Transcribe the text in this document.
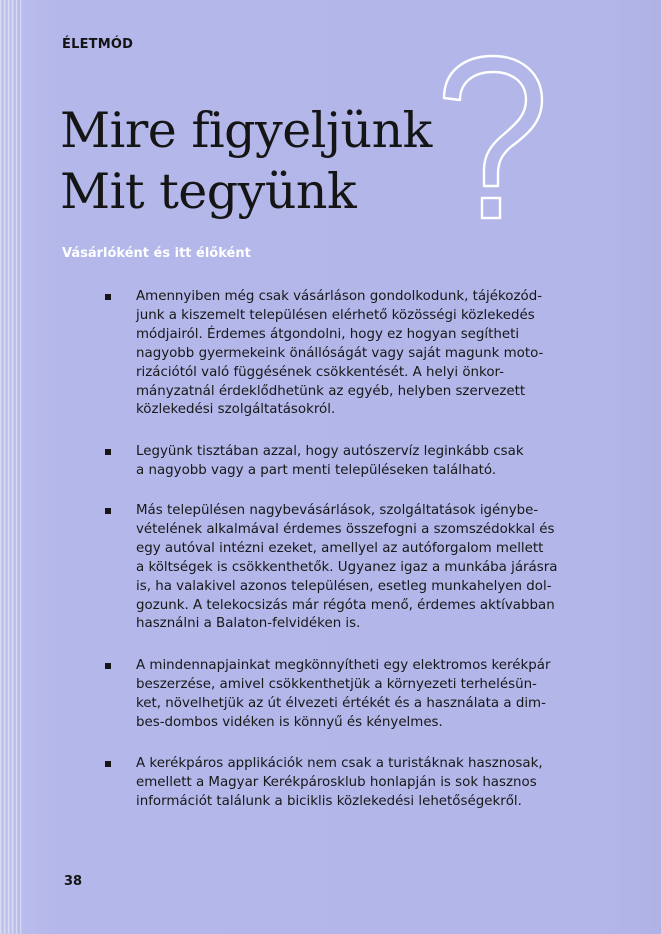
ÉLETMÓD
Mire figyeljünk
Mit tegyünk
Vásárlóként és itt élőként
Amennyiben még csak vásárláson gondolkodunk, tájékozód-
junk a kiszemelt településen elérhető közösségi közlekedés
módjairól. Érdemes átgondolni, hogy ez hogyan segítheti
nagyobb gyermekeink önállóságát vagy saját magunk moto-
rizációtól való függésének csökkentését. A helyi önkor-
mányzatnál érdeklődhetünk az egyéb, helyben szervezett
közlekedési szolgáltatásokról.
Legyünk tisztában azzal, hogy autószervíz leginkább csak
a nagyobb vagy a part menti településeken található.
Más településen nagybevásárlások, szolgáltatások igénybe-
vételének alkalmával érdemes összefogni a szomszédokkal és
egy autóval intézni ezeket, amellyel az autóforgalom mellett
a költségek is csökkenthetők. Ugyanez igaz a munkába járásra
is, ha valakivel azonos településen, esetleg munkahelyen dol-
gozunk. A telekocsizás már régóta menő, érdemes aktívabban
használni a Balaton-felvidéken is.
A mindennapjainkat megkönnyítheti egy elektromos kerékpár
beszerzése, amivel csökkenthetjük a környezeti terhelésün-
ket, növelhetjük az út élvezeti értékét és a használata a dim-
bes-dombos vidéken is könnyű és kényelmes.
A kerékpáros applikációk nem csak a turistáknak hasznosak,
emellett a Magyar Kerékpárosklub honlapján is sok hasznos
információt találunk a biciklis közlekedési lehetőségekről.
38
